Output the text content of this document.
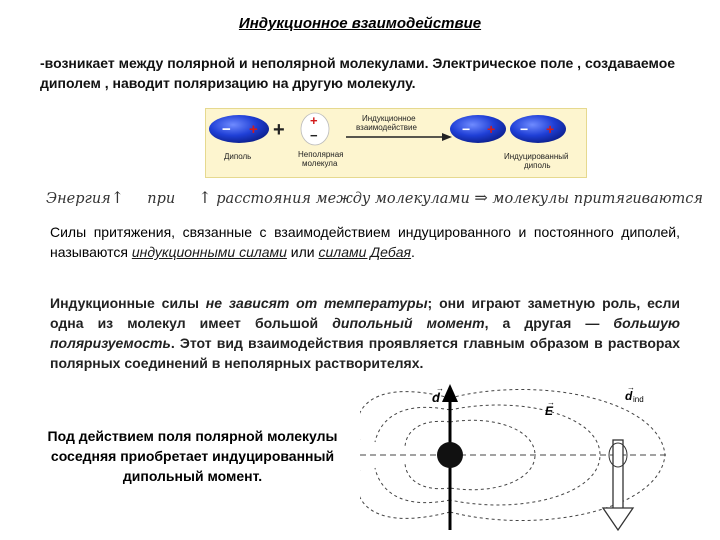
Индукционное взаимодействие
-возникает между полярной и неполярной молекулами. Электрическое поле , создаваемое диполем , наводит поляризацию на другую молекулу.
− +
Диполь
+ +
−
Неполярная
молекула
Индукционное
взаимодействие	− + − +
Индуцированный
диполь
Энергия↑ при ↑ расстояния между молекулами ⇒ молекулы притягиваются
Силы притяжения, связанные с взаимодействием индуцированного и постоянного диполей, называются индукционными силами или силами Дебая.
Индукционные силы не зависят от температуры; они играют заметную роль, если одна из молекул имеет большой дипольный момент, а другая — большую поляризуемость. Этот вид взаимодействия проявляется главным образом в растворах полярных соединений в неполярных растворителях.
Под действием поля полярной молекулы соседняя приобретает индуцированный дипольный момент.
d
→
E
→	d ind
→
